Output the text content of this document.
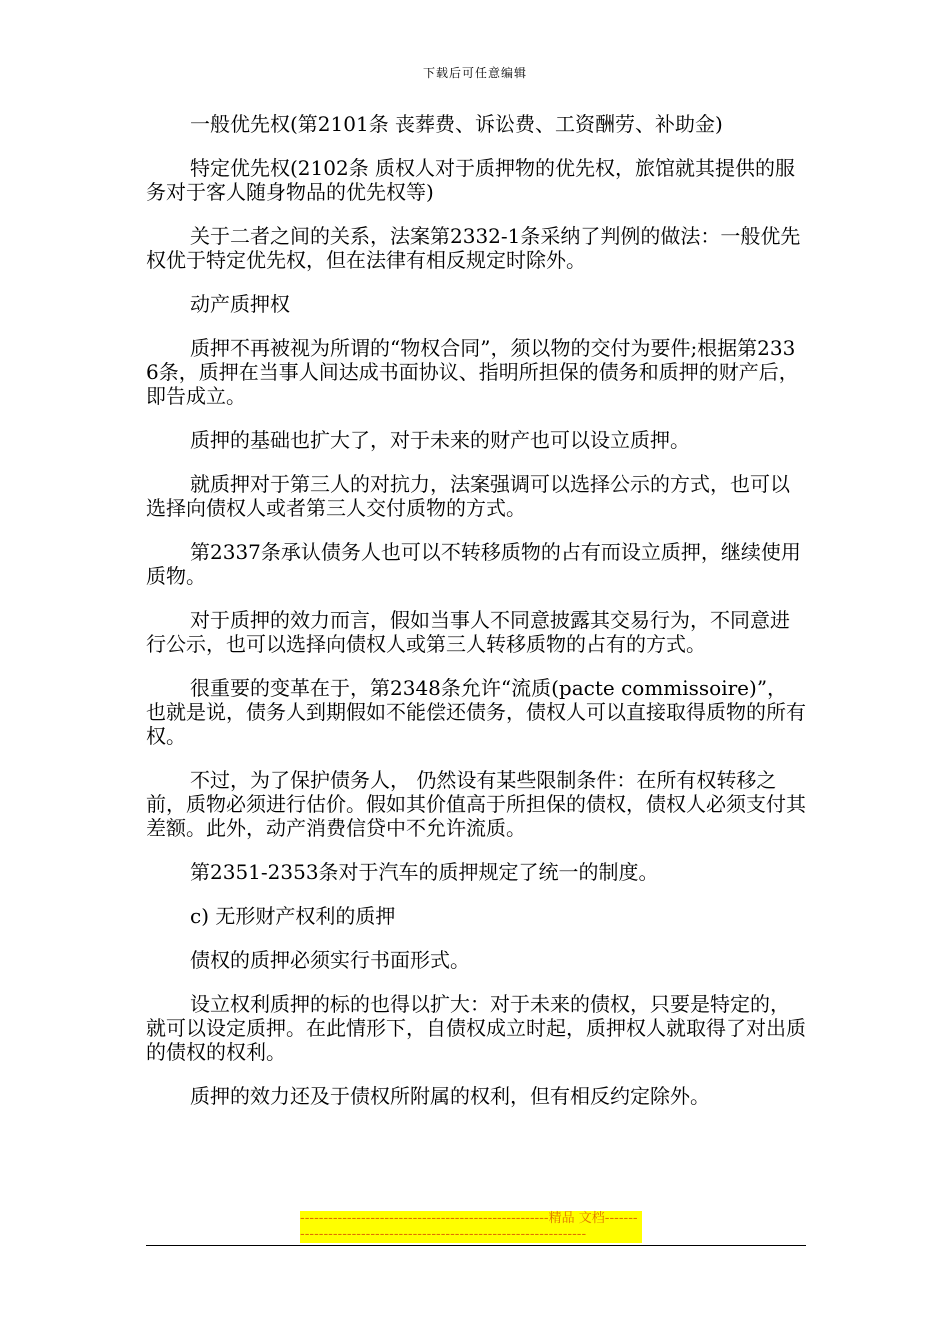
下载后可任意编辑

一般优先权(第2101条 丧葬费、诉讼费、工资酬劳、补助金)

特定优先权(2102条 质权人对于质押物的优先权，旅馆就其提供的服务对于客人随身物品的优先权等)

关于二者之间的关系，法案第2332-1条采纳了判例的做法：一般优先权优于特定优先权，但在法律有相反规定时除外。

动产质押权

质押不再被视为所谓的“物权合同”，须以物的交付为要件;根据第2336条，质押在当事人间达成书面协议、指明所担保的债务和质押的财产后，即告成立。

质押的基础也扩大了，对于未来的财产也可以设立质押。

就质押对于第三人的对抗力，法案强调可以选择公示的方式，也可以选择向债权人或者第三人交付质物的方式。

第2337条承认债务人也可以不转移质物的占有而设立质押，继续使用质物。

对于质押的效力而言，假如当事人不同意披露其交易行为，不同意进行公示，也可以选择向债权人或第三人转移质物的占有的方式。

很重要的变革在于，第2348条允许“流质(pacte commissoire)”，也就是说，债务人到期假如不能偿还债务，债权人可以直接取得质物的所有权。

不过，为了保护债务人， 仍然设有某些限制条件：在所有权转移之前，质物必须进行估价。假如其价值高于所担保的债权，债权人必须支付其差额。此外，动产消费信贷中不允许流质。

第2351-2353条对于汽车的质押规定了统一的制度。

c) 无形财产权利的质押

债权的质押必须实行书面形式。

设立权利质押的标的也得以扩大：对于未来的债权，只要是特定的，就可以设定质押。在此情形下，自债权成立时起，质押权人就取得了对出质的债权的权利。

质押的效力还及于债权所附属的权利，但有相反约定除外。

-----------------------------------------------------精品 文档--------------------------------------------------------------------
